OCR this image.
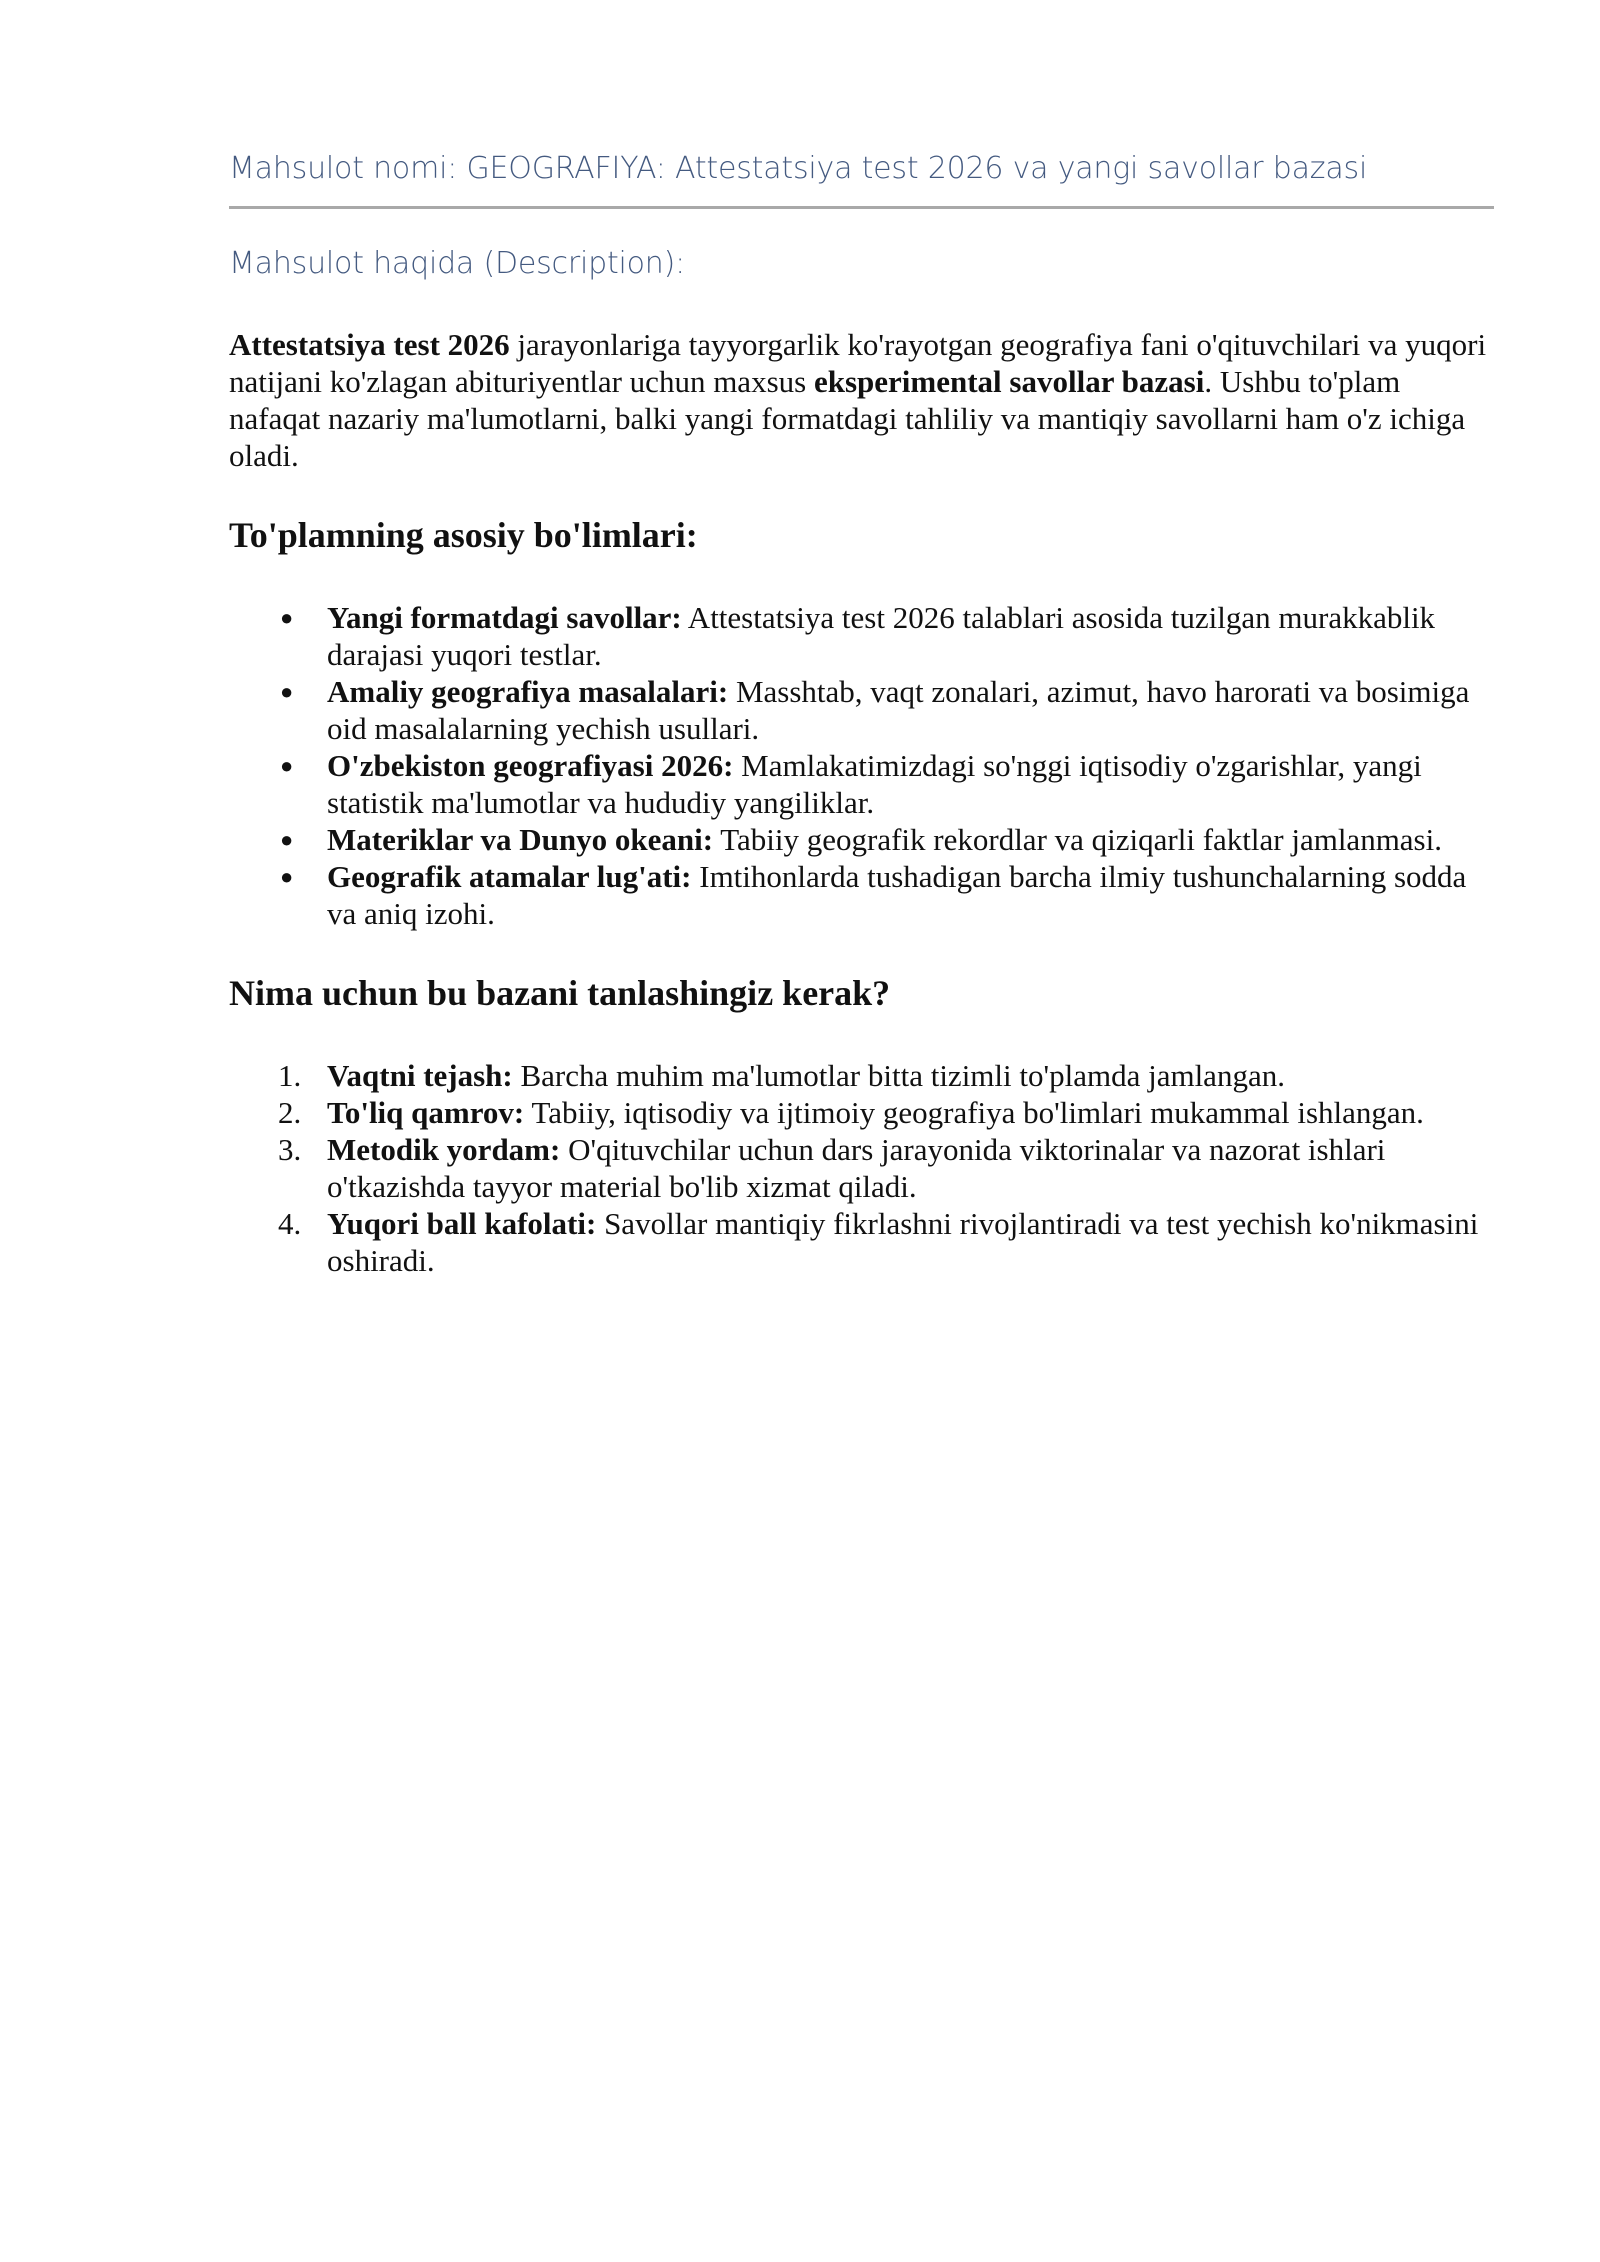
Mahsulot nomi: GEOGRAFIYA: Attestatsiya test 2026 va yangi savollar bazasi
Mahsulot haqida (Description):

Attestatsiya test 2026 jarayonlariga tayyorgarlik ko'rayotgan geografiya fani o'qituvchilari va yuqori natijani ko'zlagan abituriyentlar uchun maxsus eksperimental savollar bazasi. Ushbu to'plam nafaqat nazariy ma'lumotlarni, balki yangi formatdagi tahliliy va mantiqiy savollarni ham o'z ichiga oladi.

To'plamning asosiy bo'limlari:
● Yangi formatdagi savollar: Attestatsiya test 2026 talablari asosida tuzilgan murakkablik darajasi yuqori testlar.
● Amaliy geografiya masalalari: Masshtab, vaqt zonalari, azimut, havo harorati va bosimiga oid masalalarning yechish usullari.
● O'zbekiston geografiyasi 2026: Mamlakatimizdagi so'nggi iqtisodiy o'zgarishlar, yangi statistik ma'lumotlar va hududiy yangiliklar.
● Materiklar va Dunyo okeani: Tabiiy geografik rekordlar va qiziqarli faktlar jamlanmasi.
● Geografik atamalar lug'ati: Imtihonlarda tushadigan barcha ilmiy tushunchalarning sodda va aniq izohi.
Nima uchun bu bazani tanlashingiz kerak?
1. Vaqtni tejash: Barcha muhim ma'lumotlar bitta tizimli to'plamda jamlangan.
2. To'liq qamrov: Tabiiy, iqtisodiy va ijtimoiy geografiya bo'limlari mukammal ishlangan.
3. Metodik yordam: O'qituvchilar uchun dars jarayonida viktorinalar va nazorat ishlari o'tkazishda tayyor material bo'lib xizmat qiladi.
4. Yuqori ball kafolati: Savollar mantiqiy fikrlashni rivojlantiradi va test yechish ko'nikmasini oshiradi.
